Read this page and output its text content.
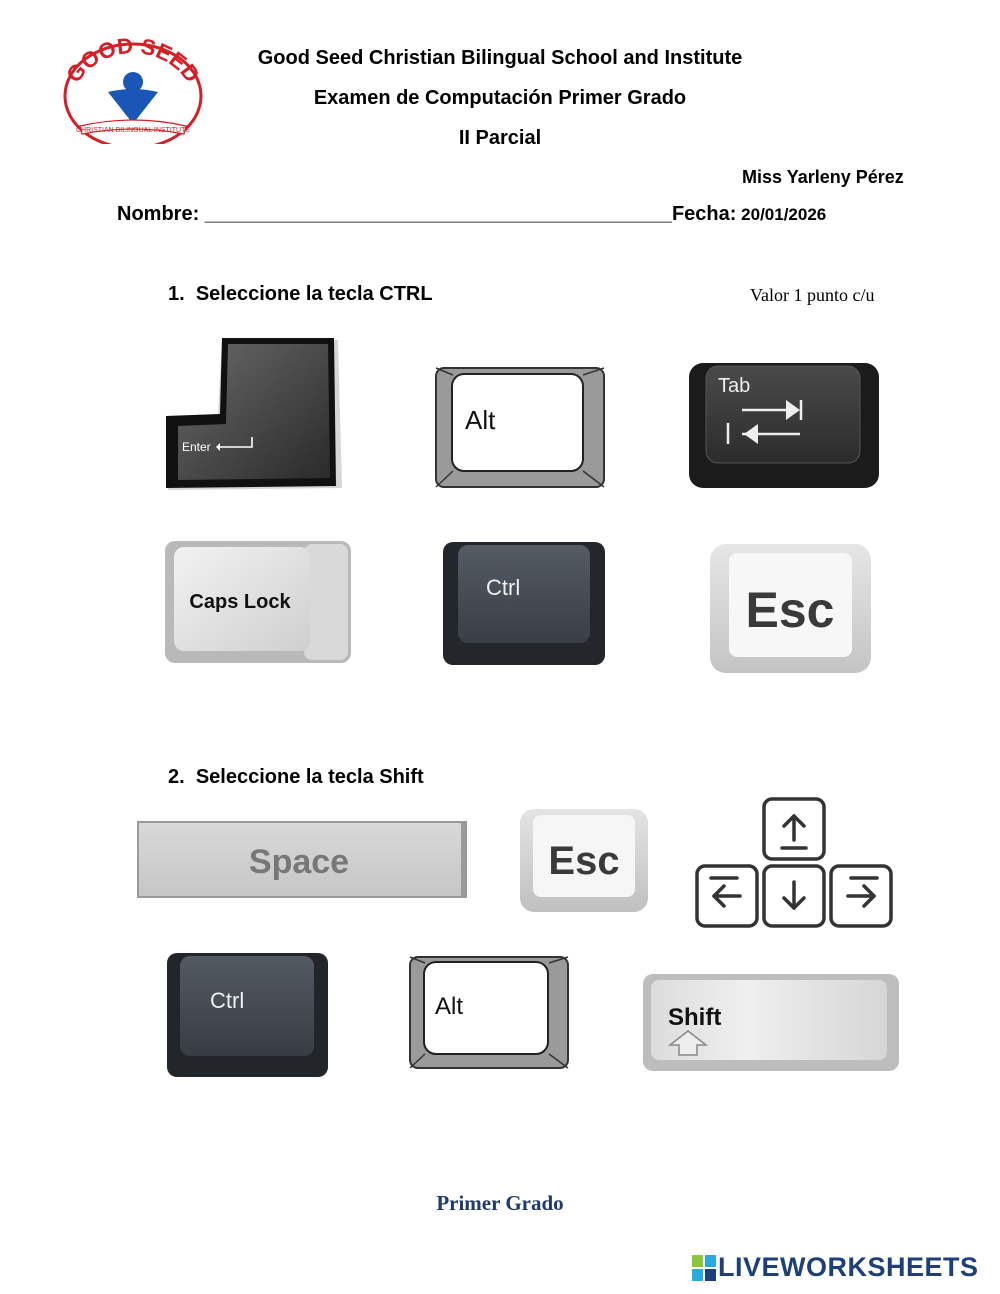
GOOD SEED
CHRISTIAN BILINGUAL INSTITUTE
Good Seed Christian Bilingual School and Institute
Examen de Computación Primer Grado
II Parcial
Miss Yarleny Pérez
Nombre: __________________________________________Fecha: 20/01/2026
1. Seleccione la tecla CTRL	Valor 1 punto c/u
Enter
Alt
Tab
Caps Lock
Ctrl	Esc
2. Seleccione la tecla Shift
Space	Esc
Ctrl	Alt	Shift
Primer Grado
LIVEWORKSHEETS
